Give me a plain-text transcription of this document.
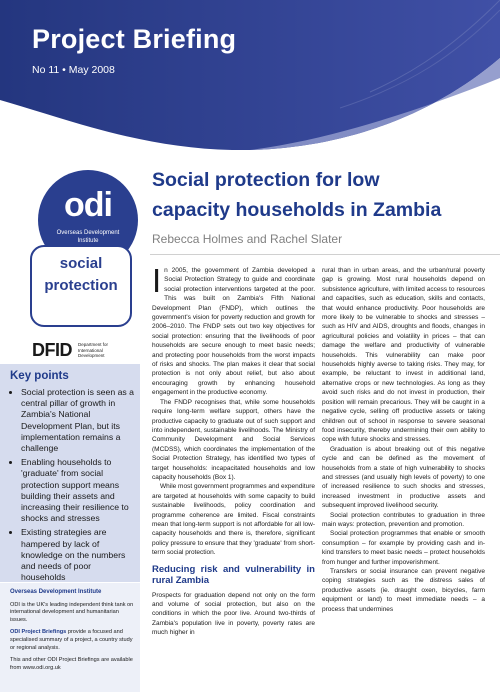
Project Briefing
No 11 • May 2008
odi
Overseas Development
Institute
social
protection
DFID Department for
International
Development
Key points
• Social protection is seen as a central pillar of growth in Zambia's National Development Plan, but its implementation remains a challenge
• Enabling households to 'graduate' from social protection support means building their assets and increasing their resilience to shocks and stresses
• Existing strategies are hampered by lack of knowledge on the numbers and needs of poor households
Overseas Development Institute

ODI is the UK's leading independent think tank on international development and humanitarian issues.

ODI Project Briefings provide a focused and specialised summary of a project, a country study or regional analysis.

This and other ODI Project Briefings are available from www.odi.org.uk

Social protection for low
capacity households in Zambia
Rebecca Holmes and Rachel Slater

In 2005, the government of Zambia developed a Social Protection Strategy to guide and coordinate social protection interventions targeted at the poor. This was built on Zambia's Fifth National Development Plan (FNDP), which outlines the government's vision for poverty reduction and growth for 2006–2010. The FNDP sets out two key objectives for social protection: ensuring that the livelihoods of poor households are secure enough to meet basic needs; and protecting poor households from the worst impacts of risks and shocks. The plan makes it clear that social protection is not only about relief, but also about encouraging growth by enhancing household engagement in the productive economy.

The FNDP recognises that, while some households require long-term welfare support, others have the productive capacity to graduate out of such support and into independent, sustainable livelihoods. The Ministry of Community Development and Social Services (MCDSS), which coordinates the implementation of the Social Protection Strategy, has identified two types of target households: incapacitated households and low capacity households (Box 1).

While most government programmes and expenditure are targeted at households with some capacity to build sustainable livelihoods, policy coordination and programme coherence are limited. Fiscal constraints mean that long-term support is not affordable for all low-capacity households and there is, therefore, significant policy pressure to ensure that they 'graduate' from short-term social protection.

Reducing risk and vulnerability in rural Zambia

Prospects for graduation depend not only on the form and volume of social protection, but also on the conditions in which the poor live. Around two-thirds of Zambia's population live in poverty, poverty rates are much higher in

rural than in urban areas, and the urban/rural poverty gap is growing. Most rural households depend on subsistence agriculture, with limited access to resources and capacities, such as education, skills and contacts, that would enhance productivity. Poor households are more likely to be vulnerable to shocks and stresses – such as HIV and AIDS, droughts and floods, changes in agricultural policies and volatility in prices – that can damage the welfare and productivity of vulnerable households. This vulnerability can make poor households highly averse to taking risks. They may, for example, be reluctant to invest in additional land, alternative crops or new technologies. As long as they avoid such risks and do not invest in production, their position will remain precarious. They will be caught in a negative cycle, selling off productive assets or taking children out of school in response to severe seasonal food insecurity, thereby undermining their own ability to cope with future shocks and stresses.

Graduation is about breaking out of this negative cycle and can be defined as the movement of households from a state of high vulnerability to shocks and stresses (and usually high levels of poverty) to one of increased resilience to such shocks and stresses, increased investment in productive assets and subsequent improved livelihood security.

Social protection contributes to graduation in three main ways: protection, prevention and promotion.

Social protection programmes that enable or smooth consumption – for example by providing cash and in-kind transfers to meet basic needs – protect households from hunger and further impoverishment.

Transfers or social insurance can prevent negative coping strategies such as the distress sales of productive assets (ie. draught oxen, bicycles, farm equipment or land) to meet immediate needs – a process that undermines
